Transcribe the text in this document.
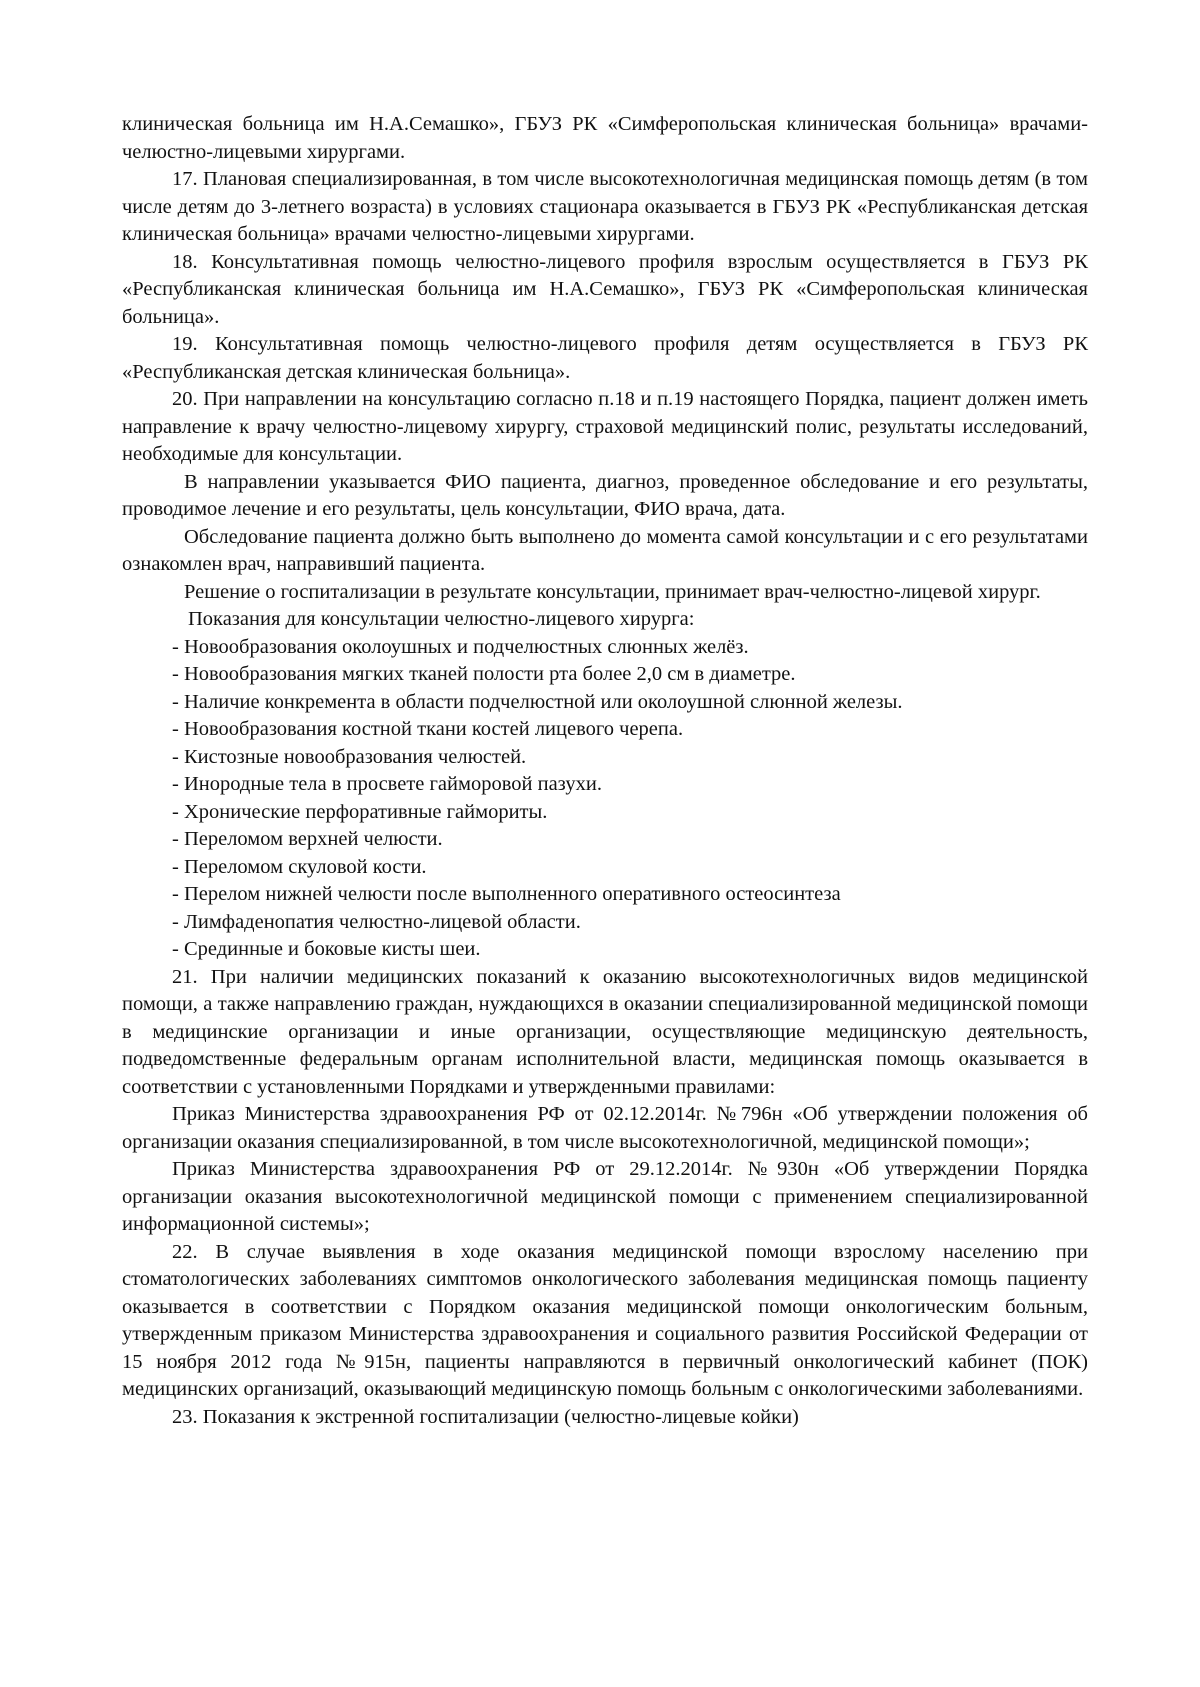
клиническая больница им Н.А.Семашко», ГБУЗ РК «Симферопольская клиническая больница» врачами-челюстно-лицевыми хирургами.

17. Плановая специализированная, в том числе высокотехнологичная медицинская помощь детям (в том числе детям до 3-летнего возраста) в условиях стационара оказывается в ГБУЗ РК «Республиканская детская клиническая больница» врачами челюстно-лицевыми хирургами.

18. Консультативная помощь челюстно-лицевого профиля взрослым осуществляется в ГБУЗ РК «Республиканская клиническая больница им Н.А.Семашко», ГБУЗ РК «Симферопольская клиническая больница».

19. Консультативная помощь челюстно-лицевого профиля детям осуществляется в ГБУЗ РК «Республиканская детская клиническая больница».

20. При направлении на консультацию согласно п.18 и п.19 настоящего Порядка, пациент должен иметь направление к врачу челюстно-лицевому хирургу, страховой медицинский полис, результаты исследований, необходимые для консультации.

В направлении указывается ФИО пациента, диагноз, проведенное обследование и его результаты, проводимое лечение и его результаты, цель консультации, ФИО врача, дата.

Обследование пациента должно быть выполнено до момента самой консультации и с его результатами ознакомлен врач, направивший пациента.

Решение о госпитализации в результате консультации, принимает врач-челюстно-лицевой хирург.

Показания для консультации челюстно-лицевого хирурга:

- Новообразования околоушных и подчелюстных слюнных желёз.

- Новообразования мягких тканей полости рта более 2,0 см в диаметре.

- Наличие конкремента в области подчелюстной или околоушной слюнной железы.

- Новообразования костной ткани костей лицевого черепа.

- Кистозные новообразования челюстей.

- Инородные тела в просвете гайморовой пазухи.

- Хронические перфоративные гаймориты.

- Переломом верхней челюсти.

- Переломом скуловой кости.

- Перелом нижней челюсти после выполненного оперативного остеосинтеза

- Лимфаденопатия челюстно-лицевой области.

- Срединные и боковые кисты шеи.

21. При наличии медицинских показаний к оказанию высокотехнологичных видов медицинской помощи, а также направлению граждан, нуждающихся в оказании специализированной медицинской помощи в медицинские организации и иные организации, осуществляющие медицинскую деятельность, подведомственные федеральным органам исполнительной власти, медицинская помощь оказывается в соответствии с установленными Порядками и утвержденными правилами:

Приказ Министерства здравоохранения РФ от 02.12.2014г. №796н «Об утверждении положения об организации оказания специализированной, в том числе высокотехнологичной, медицинской помощи»;

Приказ Министерства здравоохранения РФ от 29.12.2014г. №930н «Об утверждении Порядка организации оказания высокотехнологичной медицинской помощи с применением специализированной информационной системы»;

22. В случае выявления в ходе оказания медицинской помощи взрослому населению при стоматологических заболеваниях симптомов онкологического заболевания медицинская помощь пациенту оказывается в соответствии с Порядком оказания медицинской помощи онкологическим больным, утвержденным приказом Министерства здравоохранения и социального развития Российской Федерации от 15 ноября 2012 года №915н, пациенты направляются в первичный онкологический кабинет (ПОК) медицинских организаций, оказывающий медицинскую помощь больным с онкологическими заболеваниями.

23. Показания к экстренной госпитализации (челюстно-лицевые койки)
